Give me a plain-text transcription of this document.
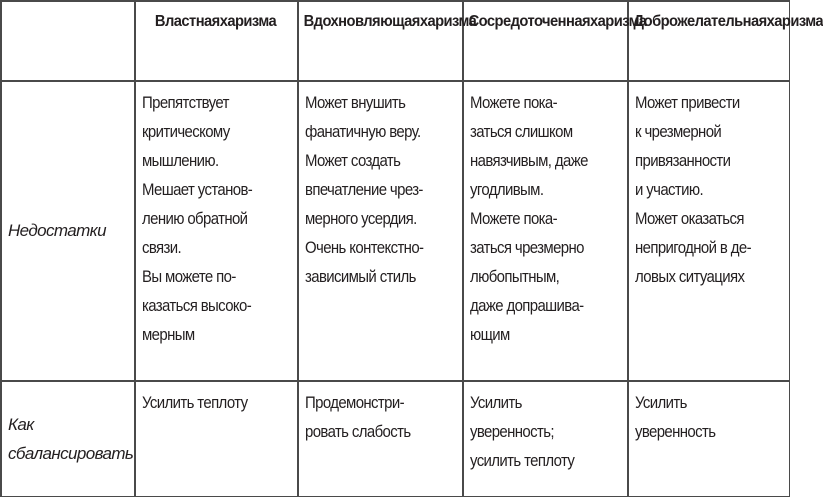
Властнаяхаризма	Вдохновляющаяхаризма
Сосредоточеннаяхаризма
Доброжелательнаяхаризма
Недостатки
Препятствует
критическому
мышлению.
Мешает установ-
лению обратной
связи.
Вы можете по-
казаться высоко-
мерным
Может внушить
фанатичную веру.
Может создать
впечатление чрез-
мерного усердия.
Очень контекстно-
зависимый стиль
Можете пока-
заться слишком
навязчивым, даже
угодливым.
Можете пока-
заться чрезмерно
любопытным,
даже допрашива-
ющим
Может привести
к чрезмерной
привязанности
и участию.
Может оказаться
непригодной в де-
ловых ситуациях
Как
сбалансировать
Усилить теплоту	Продемонстри-
ровать слабость
Усилить
уверенность;
усилить теплоту
Усилить
уверенность
